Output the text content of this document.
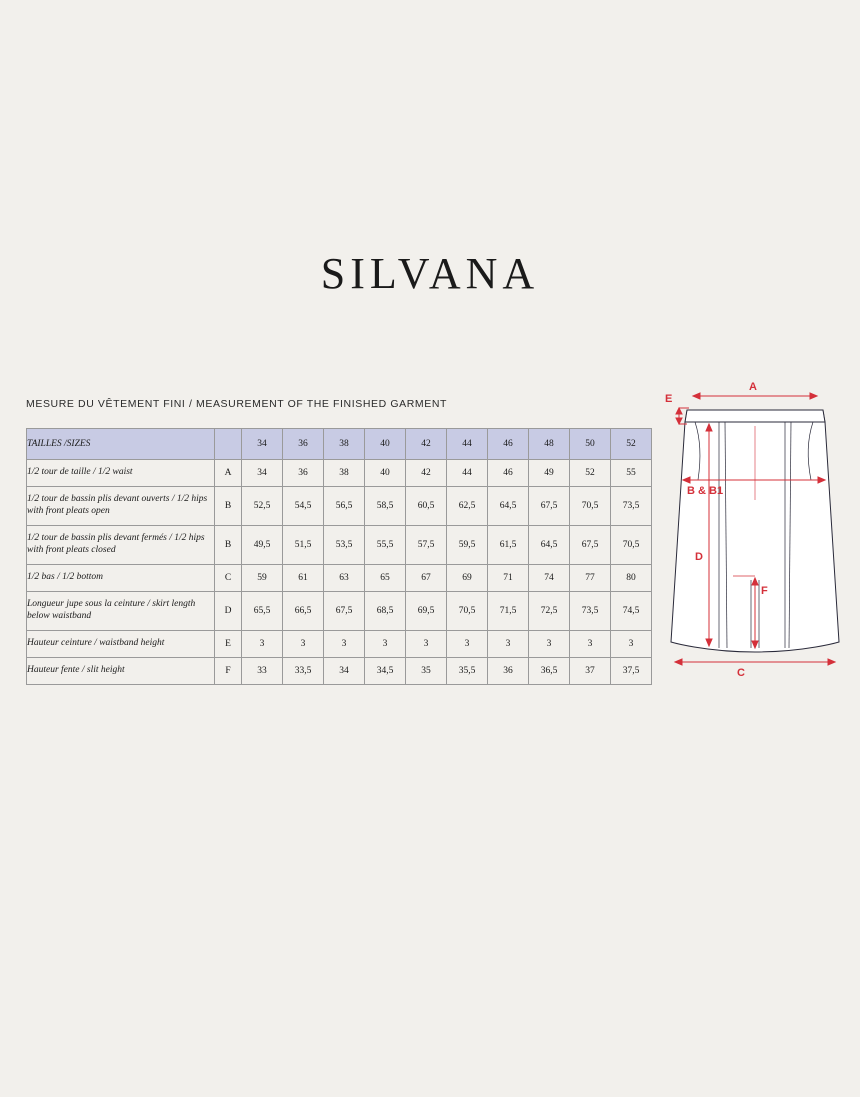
SILVANA
MESURE DU VÊTEMENT FINI / MEASUREMENT OF THE FINISHED GARMENT
TAILLES /SIZES		34	36	38	40	42	44	46	48	50	52
1/2 tour de taille / 1/2 waist	A	34	36	38	40	42	44	46	49	52	55
1/2 tour de bassin plis devant ouverts / 1/2 hips with front pleats open	B	52,5	54,5	56,5	58,5	60,5	62,5	64,5	67,5	70,5	73,5
1/2 tour de bassin plis devant fermés / 1/2 hips with front pleats closed	B	49,5	51,5	53,5	55,5	57,5	59,5	61,5	64,5	67,5	70,5
1/2 bas / 1/2 bottom	C	59	61	63	65	67	69	71	74	77	80
Longueur jupe sous la ceinture / skirt length below waistband	D	65,5	66,5	67,5	68,5	69,5	70,5	71,5	72,5	73,5	74,5
Hauteur ceinture / waistband height	E	3	3	3	3	3	3	3	3	3	3
Hauteur fente / slit height	F	33	33,5	34	34,5	35	35,5	36	36,5	37	37,5
A
E
B & B1
D
F
C
